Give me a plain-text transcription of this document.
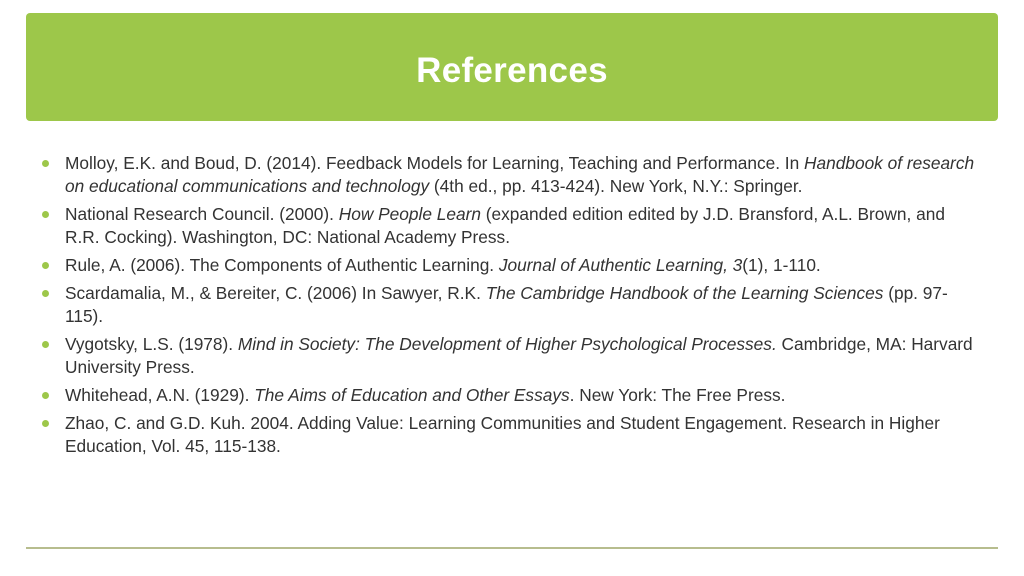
References
Molloy, E.K. and Boud, D. (2014). Feedback Models for Learning, Teaching and Performance. In Handbook of research on educational communications and technology (4th ed., pp. 413-424). New York, N.Y.: Springer.
National Research Council. (2000). How People Learn (expanded edition edited by J.D. Bransford, A.L. Brown, and R.R. Cocking). Washington, DC: National Academy Press.
Rule, A. (2006). The Components of Authentic Learning. Journal of Authentic Learning, 3(1), 1-110.
Scardamalia, M., & Bereiter, C. (2006) In Sawyer, R.K. The Cambridge Handbook of the Learning Sciences (pp. 97-115).
Vygotsky, L.S. (1978). Mind in Society: The Development of Higher Psychological Processes. Cambridge, MA: Harvard University Press.
Whitehead, A.N. (1929). The Aims of Education and Other Essays. New York: The Free Press.
Zhao, C. and G.D. Kuh. 2004. Adding Value: Learning Communities and Student Engagement. Research in Higher Education, Vol. 45, 115-138.
